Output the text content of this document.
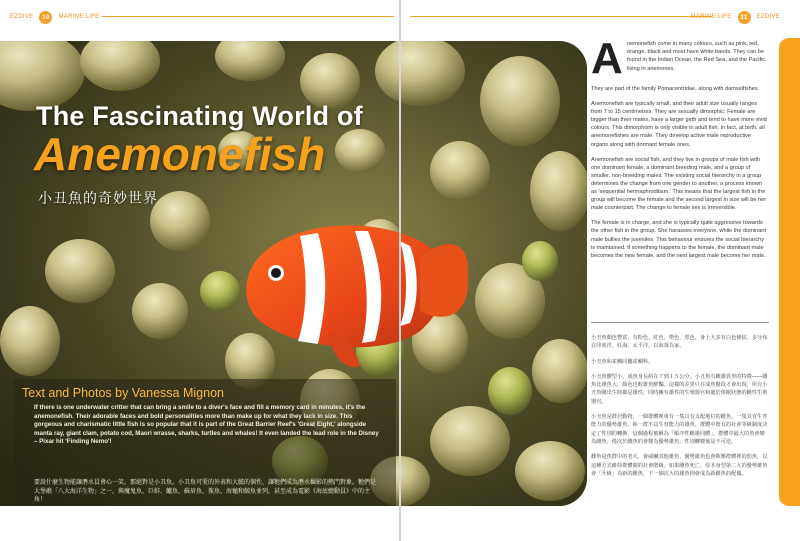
EZDIVE	10	MARINE LIFE	MARINE LIFE	11	EZDIVE
The Fascinating World of
Anemonefish
小丑魚的奇妙世界
Text and Photos by Vanessa Mignon
If there is one underwater critter that can bring a smile to a diver's face and fill a memory card in minutes, it's the anemonefish. Their adorable faces and bold personalities more than make up for what they lack in size. This gorgeous and charismatic little fish is so popular that it is part of the Great Barrier Reef's 'Great Eight,' alongside manta ray, giant clam, potato cod, Maori wrasse, sharks, turtles and whales! It even landed the lead role in the Disney – Pixar hit 'Finding Nemo'!
要說什麼生物能讓潛水員會心一笑，那絕對是小丑魚。小丑魚可愛的外表和大膽的個性，讓牠們成為潛水攝影的熱門對象。牠們是大堡礁「八大海洋生物」之一，與魔鬼魚、巨蚌、鱸魚、蘇眉魚、鯊魚、海龜和鯨魚並列，甚至成為電影《海底總動員》中的主角！
A nemonefish come in many colours, such as pink, red, orange, black and most have white bands. They can be found in the Indian Ocean, the Red Sea, and the Pacific, living in anemones.

They are part of the family Pomacentridae, along with damselfishes.

Anemonefish are typically small, and their adult size usually ranges from 7 to 15 centimetres. They are sexually dimorphic: Female are bigger than their mates, have a larger girth and tend to have more vivid colours. This dimorphism is only visible in adult fish. In fact, at birth, all anemonefishes are male. They develop active male reproductive organs along with dormant female ones.

Anemonefish are social fish, and they live in groups of male fish with one dominant female, a dominant breeding male, and a group of smaller, non-breeding males. The existing social hierarchy in a group determines the change from one gender to another, a process known as 'sequential hermaphroditism.' This means that the largest fish in the group will become the female and the second largest in size will be her male counterpart. The change to female sex is irreversible.

The female is in charge, and she is typically quite aggressive towards the other fish in the group. She harasses everyone, while the dominant male bullies the juveniles. This behaviour ensures the social hierarchy is maintained. If something happens to the female, the dominant male becomes the new female, and the next largest male become her mate.

小丑魚顏色豐富，有粉色、紅色、橙色、黑色，身上大多有白色條紋。多分布在印度洋、紅海、太平洋，以海葵為家。

小丑魚和雀鯛同屬雀鯛科。

小丑魚體型小，成魚身長約在７到１５公分。小丑魚有雌雄異形的特徵——雌魚比雄魚大，顏色也較雄魚鮮豔。這樣的差異只在成魚階段才會出現，所有小丑魚剛出生時都是雄性，同時擁有雄性的生殖器官和處於休眠狀態的雌性生殖器官。

小丑魚是群居動物，一個群體裡會有一隻具有支配地位的雌魚、一隻具有生育能力的優勢雄魚，和一群不具生育能力的雄魚。群體中既有的社會等級制度決定了性別的轉換，這個過程被稱為「順序性雌雄同體」。群體中最大的魚會變為雌魚，僅次於雌魚的會變為優勢雄魚。性別轉變後是不可逆。

雌魚是魚群中的老大，會威嚇其他雄魚，優勢雄魚也會欺壓群體裡的幼魚，以這種方式維持群體間的社會階級。如果雌魚死亡，原本身型第二大的優勢雄魚會「升級」為新的雌魚，下一個次大的雄魚則會成為新雌魚的配偶。
